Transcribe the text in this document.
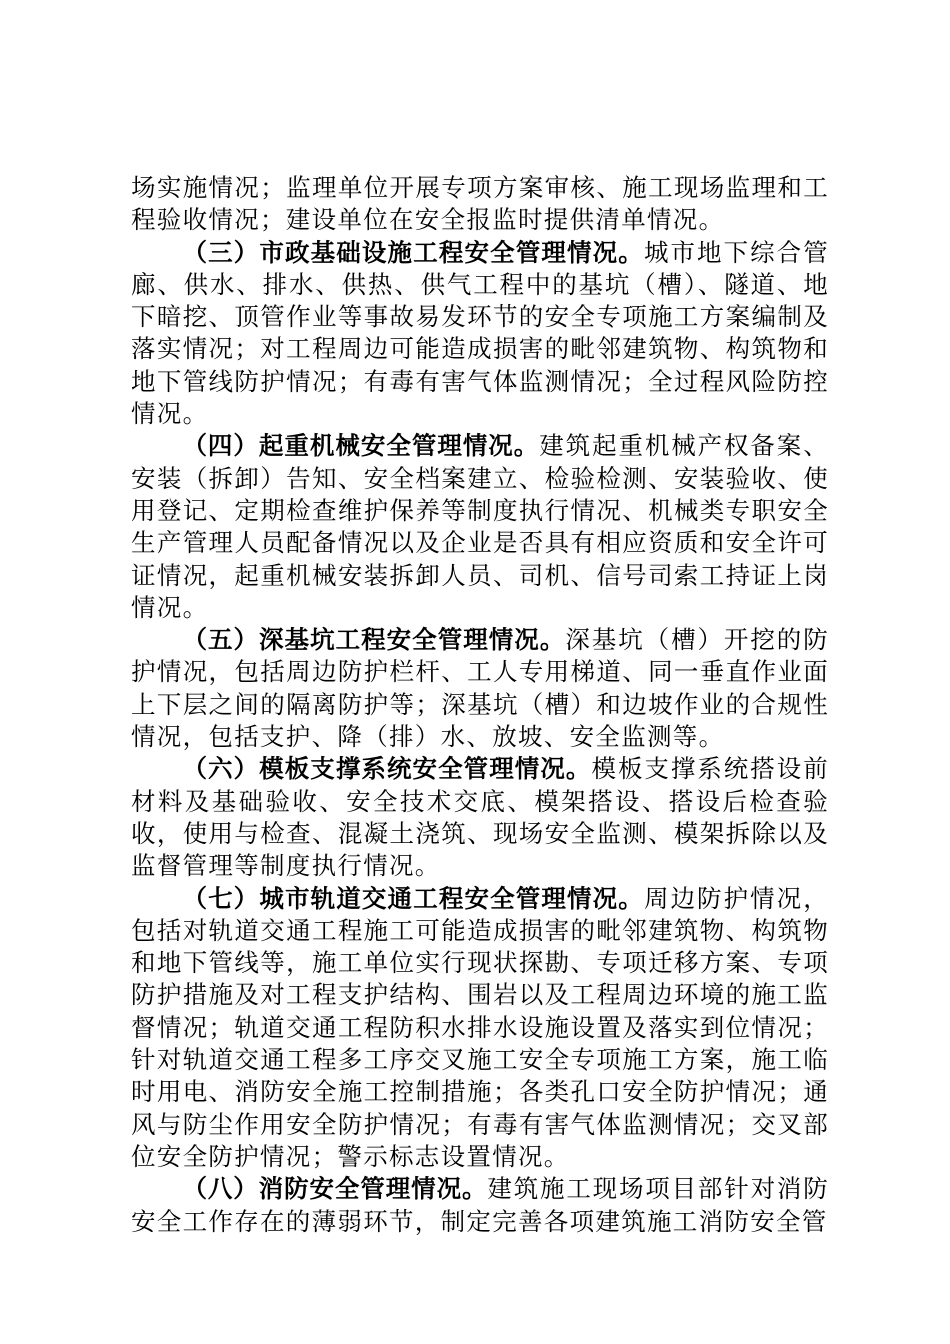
场实施情况；监理单位开展专项方案审核、施工现场监理和工程验收情况；建设单位在安全报监时提供清单情况。

（三）市政基础设施工程安全管理情况。城市地下综合管廊、供水、排水、供热、供气工程中的基坑（槽）、隧道、地下暗挖、顶管作业等事故易发环节的安全专项施工方案编制及落实情况；对工程周边可能造成损害的毗邻建筑物、构筑物和地下管线防护情况；有毒有害气体监测情况；全过程风险防控情况。

（四）起重机械安全管理情况。建筑起重机械产权备案、安装（拆卸）告知、安全档案建立、检验检测、安装验收、使用登记、定期检查维护保养等制度执行情况、机械类专职安全生产管理人员配备情况以及企业是否具有相应资质和安全许可证情况，起重机械安装拆卸人员、司机、信号司索工持证上岗情况。

（五）深基坑工程安全管理情况。深基坑（槽）开挖的防护情况，包括周边防护栏杆、工人专用梯道、同一垂直作业面上下层之间的隔离防护等；深基坑（槽）和边坡作业的合规性情况，包括支护、降（排）水、放坡、安全监测等。

（六）模板支撑系统安全管理情况。模板支撑系统搭设前材料及基础验收、安全技术交底、模架搭设、搭设后检查验收，使用与检查、混凝土浇筑、现场安全监测、模架拆除以及监督管理等制度执行情况。

（七）城市轨道交通工程安全管理情况。周边防护情况，包括对轨道交通工程施工可能造成损害的毗邻建筑物、构筑物和地下管线等，施工单位实行现状探勘、专项迁移方案、专项防护措施及对工程支护结构、围岩以及工程周边环境的施工监督情况；轨道交通工程防积水排水设施设置及落实到位情况；针对轨道交通工程多工序交叉施工安全专项施工方案，施工临时用电、消防安全施工控制措施；各类孔口安全防护情况；通风与防尘作用安全防护情况；有毒有害气体监测情况；交叉部位安全防护情况；警示标志设置情况。

（八）消防安全管理情况。建筑施工现场项目部针对消防安全工作存在的薄弱环节，制定完善各项建筑施工消防安全管
